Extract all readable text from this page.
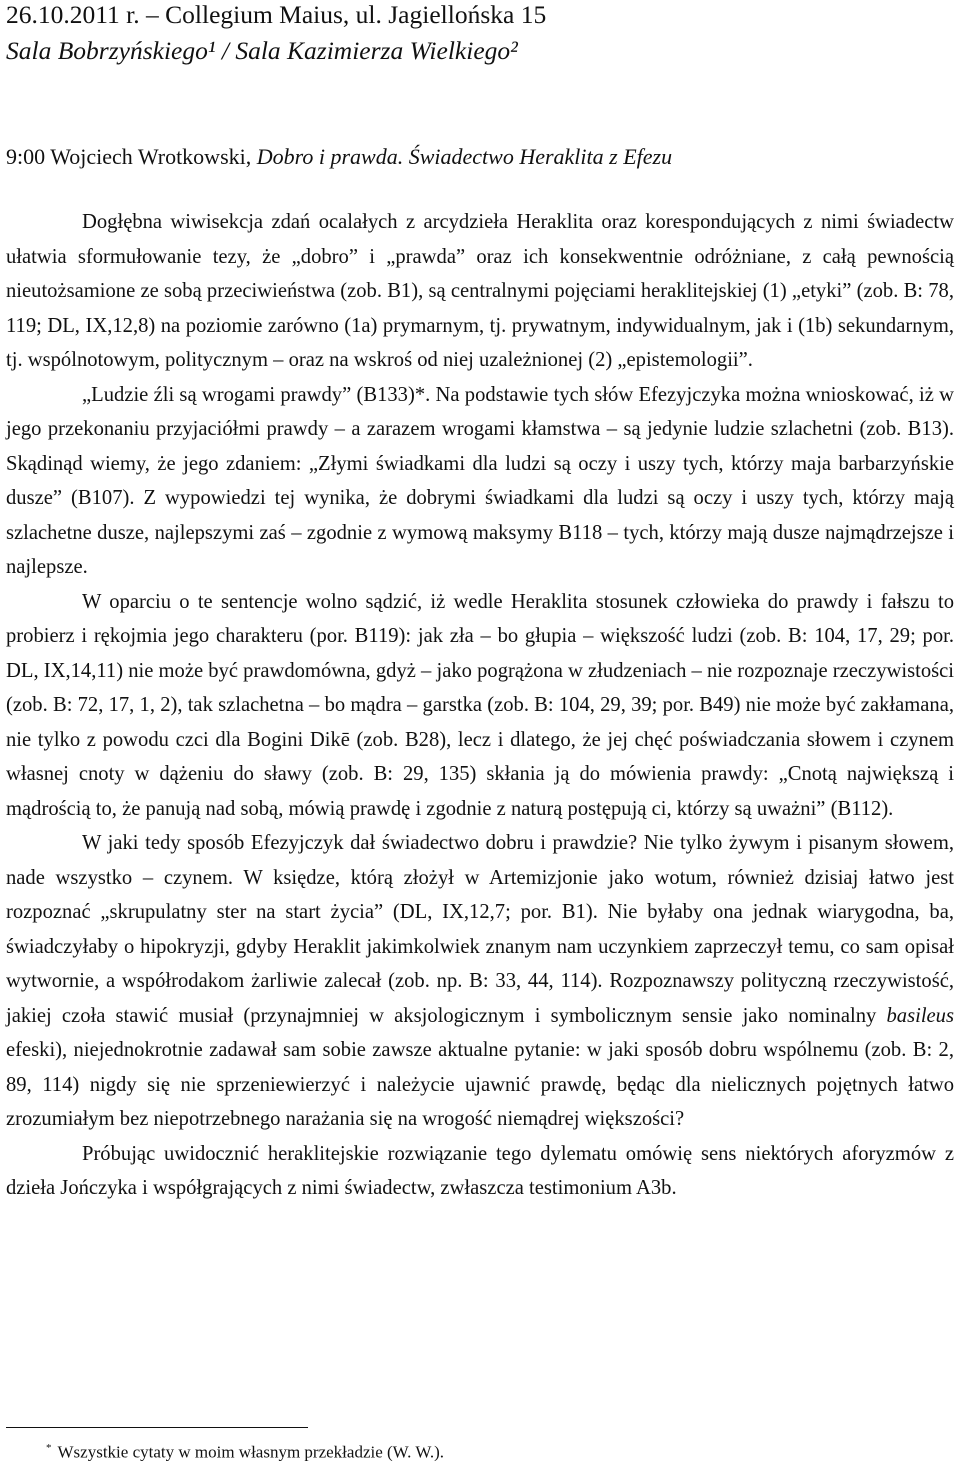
26.10.2011 r. – Collegium Maius, ul. Jagiellońska 15

Sala Bobrzyńskiego¹ / Sala Kazimierza Wielkiego²

9:00 Wojciech Wrotkowski, Dobro i prawda. Świadectwo Heraklita z Efezu

Dogłębna wiwisekcja zdań ocalałych z arcydzieła Heraklita oraz korespondujących z nimi świadectw ułatwia sformułowanie tezy, że „dobro” i „prawda” oraz ich konsekwentnie odróżniane, z całą pewnością nieutożsamione ze sobą przeciwieństwa (zob. B1), są centralnymi pojęciami heraklitejskiej (1) „etyki” (zob. B: 78, 119; DL, IX,12,8) na poziomie zarówno (1a) prymarnym, tj. prywatnym, indywidualnym, jak i (1b) sekundarnym, tj. wspólnotowym, politycznym – oraz na wskroś od niej uzależnionej (2) „epistemologii”.

„Ludzie źli są wrogami prawdy” (B133)*. Na podstawie tych słów Efezyjczyka można wnioskować, iż w jego przekonaniu przyjaciółmi prawdy – a zarazem wrogami kłamstwa – są jedynie ludzie szlachetni (zob. B13). Skądinąd wiemy, że jego zdaniem: „Złymi świadkami dla ludzi są oczy i uszy tych, którzy maja barbarzyńskie dusze” (B107). Z wypowiedzi tej wynika, że dobrymi świadkami dla ludzi są oczy i uszy tych, którzy mają szlachetne dusze, najlepszymi zaś – zgodnie z wymową maksymy B118 – tych, którzy mają dusze najmądrzejsze i najlepsze.

W oparciu o te sentencje wolno sądzić, iż wedle Heraklita stosunek człowieka do prawdy i fałszu to probierz i rękojmia jego charakteru (por. B119): jak zła – bo głupia – większość ludzi (zob. B: 104, 17, 29; por. DL, IX,14,11) nie może być prawdomówna, gdyż – jako pogrążona w złudzeniach – nie rozpoznaje rzeczywistości (zob. B: 72, 17, 1, 2), tak szlachetna – bo mądra – garstka (zob. B: 104, 29, 39; por. B49) nie może być zakłamana, nie tylko z powodu czci dla Bogini Dikē (zob. B28), lecz i dlatego, że jej chęć poświadczania słowem i czynem własnej cnoty w dążeniu do sławy (zob. B: 29, 135) skłania ją do mówienia prawdy: „Cnotą największą i mądrością to, że panują nad sobą, mówią prawdę i zgodnie z naturą postępują ci, którzy są uważni” (B112).

W jaki tedy sposób Efezyjczyk dał świadectwo dobru i prawdzie? Nie tylko żywym i pisanym słowem, nade wszystko – czynem. W księdze, którą złożył w Artemizjonie jako wotum, również dzisiaj łatwo jest rozpoznać „skrupulatny ster na start życia” (DL, IX,12,7; por. B1). Nie byłaby ona jednak wiarygodna, ba, świadczyłaby o hipokryzji, gdyby Heraklit jakimkolwiek znanym nam uczynkiem zaprzeczył temu, co sam opisał wytwornie, a współrodakom żarliwie zalecał (zob. np. B: 33, 44, 114). Rozpoznawszy polityczną rzeczywistość, jakiej czoła stawić musiał (przynajmniej w aksjologicznym i symbolicznym sensie jako nominalny basileus efeski), niejednokrotnie zadawał sam sobie zawsze aktualne pytanie: w jaki sposób dobru wspólnemu (zob. B: 2, 89, 114) nigdy się nie sprzeniewierzyć i należycie ujawnić prawdę, będąc dla nielicznych pojętnych łatwo zrozumiałym bez niepotrzebnego narażania się na wrogość niemądrej większości?

Próbując uwidocznić heraklitejskie rozwiązanie tego dylematu omówię sens niektórych aforyzmów z dzieła Jończyka i współgrających z nimi świadectw, zwłaszcza testimonium A3b.

* Wszystkie cytaty w moim własnym przekładzie (W. W.).
